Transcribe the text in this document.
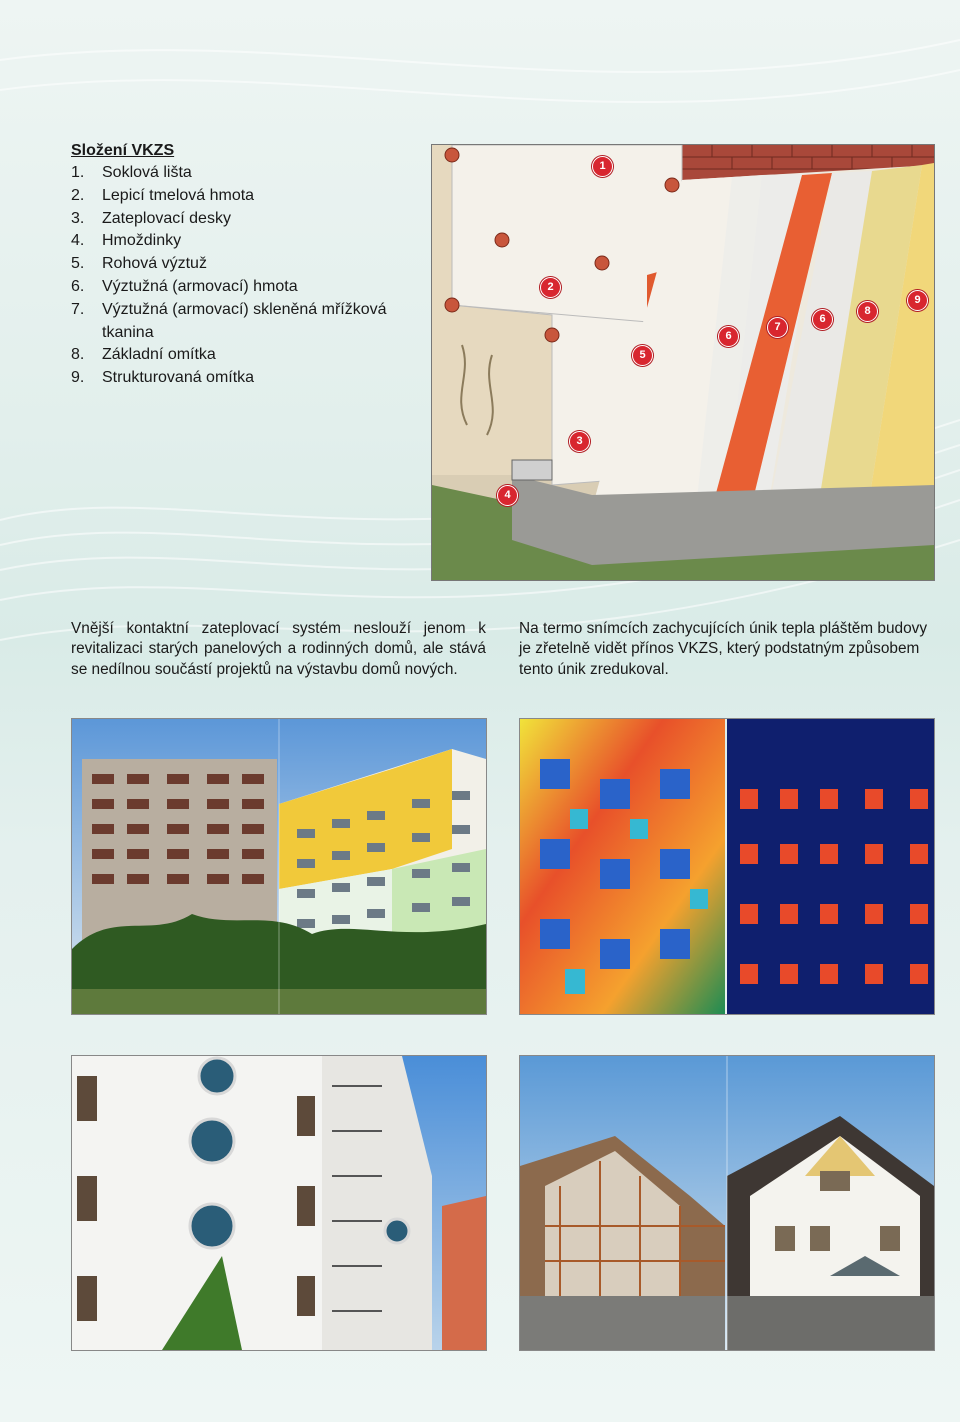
Složení VKZS
1.	Soklová lišta
2.	Lepicí tmelová hmota
3.	Zateplovací desky
4.	Hmoždinky
5.	Rohová výztuž
6.	Výztužná (armovací) hmota
7.	Výztužná (armovací) skleněná mřížková tkanina
8.	Základní omítka
9.	Strukturovaná omítka
1
2
3
4
5
6
7
6
8
9
Vnější kontaktní zateplovací systém neslouží jenom k revitalizaci starých panelových a rodinných domů, ale stává se nedílnou součástí projektů na výstavbu domů nových.
Na termo snímcích zachycujících únik tepla pláštěm budovy je zřetelně vidět přínos VKZS, který podstatným způsobem tento únik zredukoval.
